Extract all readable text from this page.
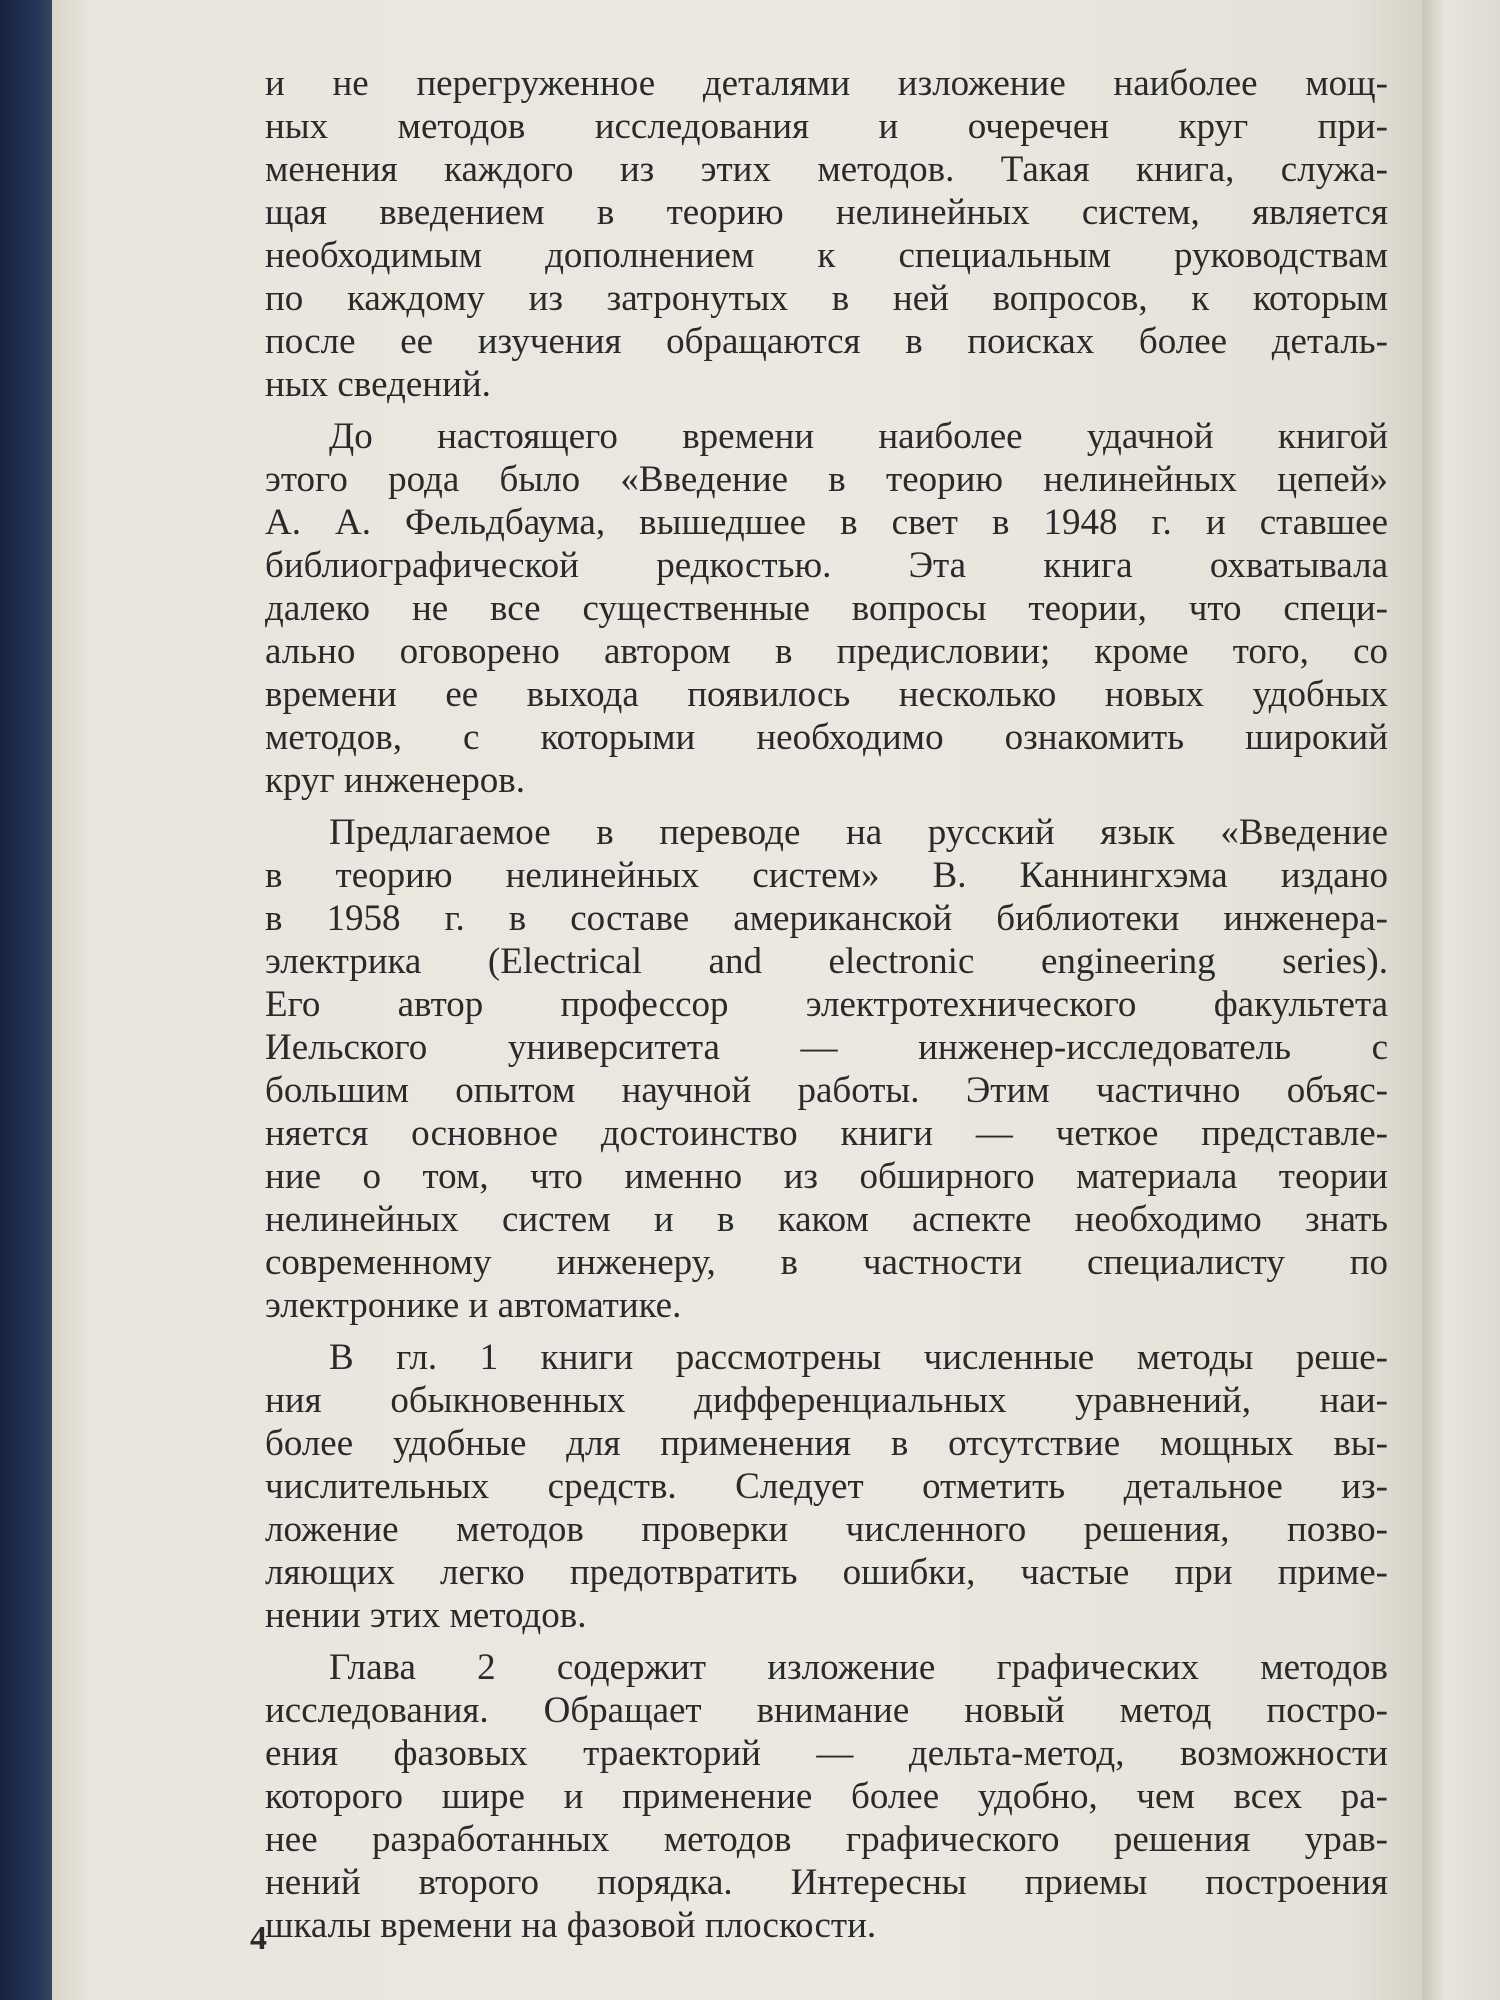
и не перегруженное деталями изложение наиболее мощ-
ных методов исследования и очеречен круг при-
менения каждого из этих методов. Такая книга, служа-
щая введением в теорию нелинейных систем, является
необходимым дополнением к специальным руководствам
по каждому из затронутых в ней вопросов, к которым
после ее изучения обращаются в поисках более деталь-
ных сведений.
До настоящего времени наиболее удачной книгой
этого рода было «Введение в теорию нелинейных цепей»
А. А. Фельдбаума, вышедшее в свет в 1948 г. и ставшее
библиографической редкостью. Эта книга охватывала
далеко не все существенные вопросы теории, что специ-
ально оговорено автором в предисловии; кроме того, со
времени ее выхода появилось несколько новых удобных
методов, с которыми необходимо ознакомить широкий
круг инженеров.
Предлагаемое в переводе на русский язык «Введение
в теорию нелинейных систем» В. Каннингхэма издано
в 1958 г. в составе американской библиотеки инженера-
электрика (Electrical and electronic engineering series).
Его автор профессор электротехнического факультета
Иельского университета — инженер-исследователь с
большим опытом научной работы. Этим частично объяс-
няется основное достоинство книги — четкое представле-
ние о том, что именно из обширного материала теории
нелинейных систем и в каком аспекте необходимо знать
современному инженеру, в частности специалисту по
электронике и автоматике.
В гл. 1 книги рассмотрены численные методы реше-
ния обыкновенных дифференциальных уравнений, наи-
более удобные для применения в отсутствие мощных вы-
числительных средств. Следует отметить детальное из-
ложение методов проверки численного решения, позво-
ляющих легко предотвратить ошибки, частые при приме-
нении этих методов.
Глава 2 содержит изложение графических методов
исследования. Обращает внимание новый метод постро-
ения фазовых траекторий — дельта-метод, возможности
которого шире и применение более удобно, чем всех ра-
нее разработанных методов графического решения урав-
нений второго порядка. Интересны приемы построения
шкалы времени на фазовой плоскости.
4
